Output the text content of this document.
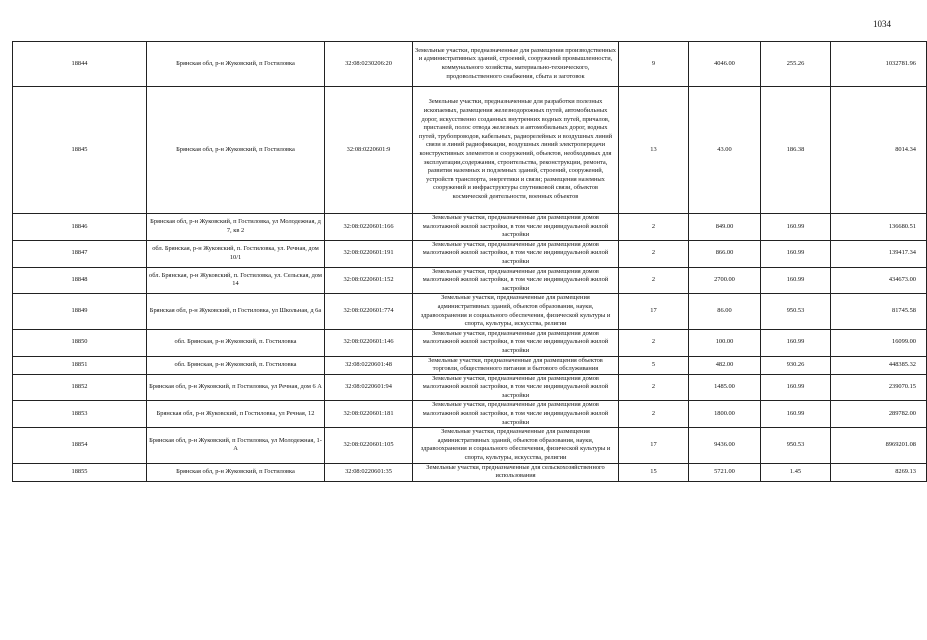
1034
18844	Брянская обл, р-н Жуковский, п Гостиловка	32:08:0230206:20	Земельные участки, предназначенные для размещения производственных и административных зданий, строений, сооружений промышленности, коммунального хозяйства, материально-технического, продовольственного снабжения, сбыта и заготовок	9	4046.00	255.26	1032781.96
18845	Брянская обл, р-н Жуковский, п Гостиловка	32:08:0220601:9	Земельные участки, предназначенные для разработки полезных ископаемых, размещения железнодорожных путей, автомобильных дорог, искусственно созданных внутренних водных путей, причалов, пристаней, полос отвода железных и автомобильных дорог, водных путей, трубопроводов, кабельных, радиорелейных и воздушных линий связи и линий радиофикации, воздушных линий электропередачи конструктивных элементов и сооружений, объектов, необходимых для эксплуатации,содержания, строительства, реконструкции, ремонта, развития наземных и подземных зданий, строений, сооружений, устройств транспорта, энергетики и связи; размещения наземных сооружений и инфраструктуры спутниковой связи, объектов космической деятельности, военных объектов	13	43.00	186.38	8014.34
18846	Брянская обл, р-н Жуковский, п Гостиловка, ул Молодежная, д 7, кв 2	32:08:0220601:166	Земельные участки, предназначенные для размещения домов малоэтажной жилой застройки, в том числе индивидуальной жилой застройки	2	849.00	160.99	136680.51
18847	обл. Брянская, р-н Жуковский, п. Гостиловка, ул. Речная, дом 10/1	32:08:0220601:191	Земельные участки, предназначенные для размещения домов малоэтажной жилой застройки, в том числе индивидуальной жилой застройки	2	866.00	160.99	139417.34
18848	обл. Брянская, р-н Жуковский, п. Гостиловка, ул. Сельская, дом 14	32:08:0220601:152	Земельные участки, предназначенные для размещения домов малоэтажной жилой застройки, в том числе индивидуальной жилой застройки	2	2700.00	160.99	434673.00
18849	Брянская обл, р-н Жуковский, п Гостиловка, ул Школьная, д 6а	32:08:0220601:774	Земельные участки, предназначенные для размещения административных зданий, объектов образования, науки, здравоохранения и социального обеспечения, физической культуры и спорта, культуры, искусства, религии	17	86.00	950.53	81745.58
18850	обл. Брянская, р-н Жуковский, п. Гостиловка	32:08:0220601:146	Земельные участки, предназначенные для размещения домов малоэтажной жилой застройки, в том числе индивидуальной жилой застройки	2	100.00	160.99	16099.00
18851	обл. Брянская, р-н Жуковский, п. Гостиловка	32:08:0220601:48	Земельные участки, предназначенные для размещения объектов торговли, общественного питания и бытового обслуживания	5	482.00	930.26	448385.32
18852	Брянская обл, р-н Жуковский, п Гостиловка, ул Речная, дом 6 А	32:08:0220601:94	Земельные участки, предназначенные для размещения домов малоэтажной жилой застройки, в том числе индивидуальной жилой застройки	2	1485.00	160.99	239070.15
18853	Брянская обл, р-н Жуковский, п Гостиловка, ул Речная, 12	32:08:0220601:181	Земельные участки, предназначенные для размещения домов малоэтажной жилой застройки, в том числе индивидуальной жилой застройки	2	1800.00	160.99	289782.00
18854	Брянская обл, р-н Жуковский, п Гостиловка, ул Молодежная, 1-А	32:08:0220601:105	Земельные участки, предназначенные для размещения административных зданий, объектов образования, науки, здравоохранения и социального обеспечения, физической культуры и спорта, культуры, искусства, религии	17	9436.00	950.53	8969201.08
18855	Брянская обл, р-н Жуковский, п Гостиловка	32:08:0220601:35	Земельные участки, предназначенные для сельскохозяйственного использования	15	5721.00	1.45	8269.13
